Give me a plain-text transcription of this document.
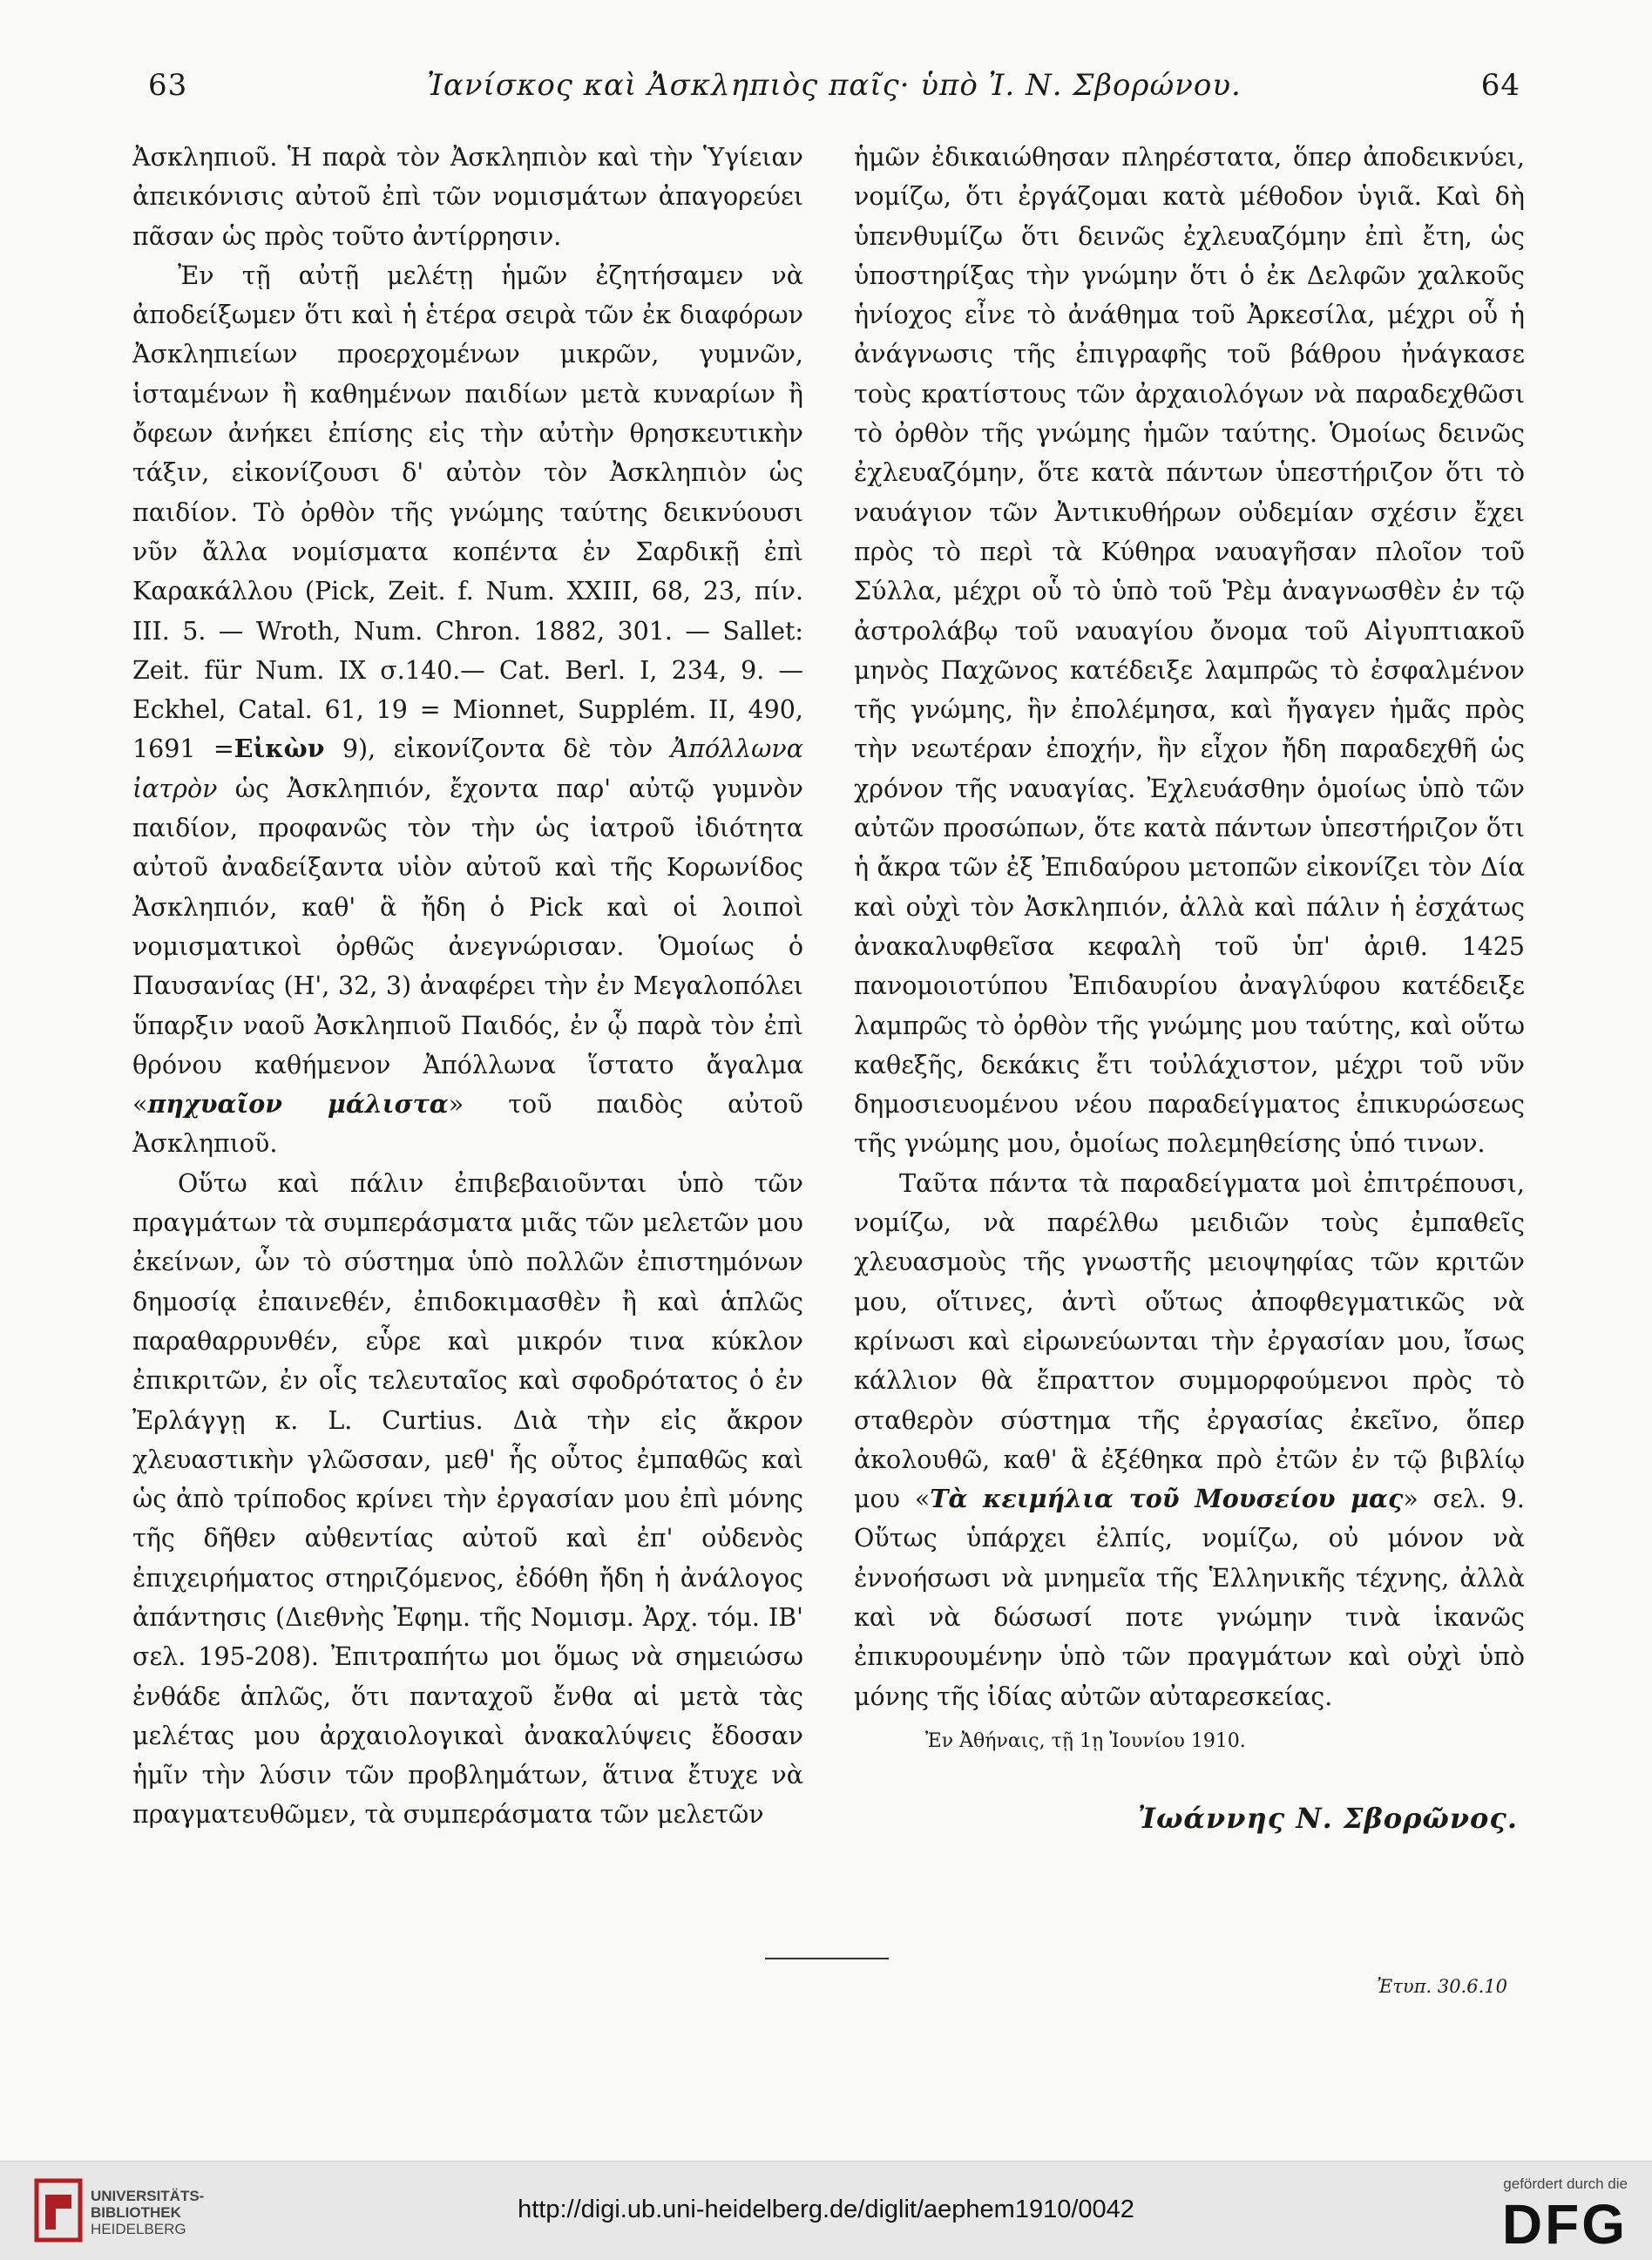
63	Ἰανίσκος καὶ Ἀσκληπιὸς παῖς· ὑπὸ Ἰ. Ν. Σβορώνου.	64

Ἀσκληπιοῦ. Ἡ παρὰ τὸν Ἀσκληπιὸν καὶ τὴν Ὑγίειαν ἀπεικόνισις αὐτοῦ ἐπὶ τῶν νομισμάτων ἀπαγορεύει πᾶσαν ὡς πρὸς τοῦτο ἀντίρρησιν.

Ἐν τῇ αὐτῇ μελέτῃ ἡμῶν ἐζητήσαμεν νὰ ἀποδείξωμεν ὅτι καὶ ἡ ἑτέρα σειρὰ τῶν ἐκ διαφόρων Ἀσκληπιείων προερχομένων μικρῶν, γυμνῶν, ἱσταμένων ἢ καθημένων παιδίων μετὰ κυναρίων ἢ ὄφεων ἀνήκει ἐπίσης εἰς τὴν αὐτὴν θρησκευτικὴν τάξιν, εἰκονίζουσι δ' αὐτὸν τὸν Ἀσκληπιὸν ὡς παιδίον. Τὸ ὀρθὸν τῆς γνώμης ταύτης δεικνύουσι νῦν ἄλλα νομίσματα κοπέντα ἐν Σαρδικῇ ἐπὶ Καρακάλλου (Pick, Zeit. f. Num. XXIII, 68, 23, πίν. III. 5. — Wroth, Num. Chron. 1882, 301. — Sallet: Zeit. für Num. IX σ.140.— Cat. Berl. I, 234, 9. — Eckhel, Catal. 61, 19 = Mionnet, Supplém. II, 490, 1691 =Εἰκὼν 9), εἰκονίζοντα δὲ τὸν Ἀπόλλωνα ἰατρὸν ὡς Ἀσκληπιόν, ἔχοντα παρ' αὐτῷ γυμνὸν παιδίον, προφανῶς τὸν τὴν ὡς ἰατροῦ ἰδιότητα αὐτοῦ ἀναδείξαντα υἱὸν αὐτοῦ καὶ τῆς Κορωνίδος Ἀσκληπιόν, καθ' ἃ ἤδη ὁ Pick καὶ οἱ λοιποὶ νομισματικοὶ ὀρθῶς ἀνεγνώρισαν. Ὁμοίως ὁ Παυσανίας (Η', 32, 3) ἀναφέρει τὴν ἐν Μεγαλοπόλει ὕπαρξιν ναοῦ Ἀσκληπιοῦ Παιδός, ἐν ᾧ παρὰ τὸν ἐπὶ θρόνου καθήμενον Ἀπόλλωνα ἵστατο ἄγαλμα «πηχυαῖον μάλιστα» τοῦ παιδὸς αὐτοῦ Ἀσκληπιοῦ.

Οὕτω καὶ πάλιν ἐπιβεβαιοῦνται ὑπὸ τῶν πραγμάτων τὰ συμπεράσματα μιᾶς τῶν μελετῶν μου ἐκείνων, ὧν τὸ σύστημα ὑπὸ πολλῶν ἐπιστημόνων δημοσίᾳ ἐπαινεθέν, ἐπιδοκιμασθὲν ἢ καὶ ἁπλῶς παραθαρρυνθέν, εὗρε καὶ μικρόν τινα κύκλον ἐπικριτῶν, ἐν οἷς τελευταῖος καὶ σφοδρότατος ὁ ἐν Ἐρλάγγῃ κ. L. Curtius. Διὰ τὴν εἰς ἄκρον χλευαστικὴν γλῶσσαν, μεθ' ἧς οὗτος ἐμπαθῶς καὶ ὡς ἀπὸ τρίποδος κρίνει τὴν ἐργασίαν μου ἐπὶ μόνης τῆς δῆθεν αὐθεντίας αὐτοῦ καὶ ἐπ' οὐδενὸς ἐπιχειρήματος στηριζόμενος, ἐδόθη ἤδη ἡ ἀνάλογος ἀπάντησις (Διεθνὴς Ἐφημ. τῆς Νομισμ. Ἀρχ. τόμ. ΙΒ' σελ. 195-208). Ἐπιτραπήτω μοι ὅμως νὰ σημειώσω ἐνθάδε ἁπλῶς, ὅτι πανταχοῦ ἔνθα αἱ μετὰ τὰς μελέτας μου ἀρχαιολογικαὶ ἀνακαλύψεις ἔδοσαν ἡμῖν τὴν λύσιν τῶν προβλημάτων, ἅτινα ἔτυχε νὰ πραγματευθῶμεν, τὰ συμπεράσματα τῶν μελετῶν

ἡμῶν ἐδικαιώθησαν πληρέστατα, ὅπερ ἀποδεικνύει, νομίζω, ὅτι ἐργάζομαι κατὰ μέθοδον ὑγιᾶ. Καὶ δὴ ὑπενθυμίζω ὅτι δεινῶς ἐχλευαζόμην ἐπὶ ἔτη, ὡς ὑποστηρίξας τὴν γνώμην ὅτι ὁ ἐκ Δελφῶν χαλκοῦς ἡνίοχος εἶνε τὸ ἀνάθημα τοῦ Ἀρκεσίλα, μέχρι οὗ ἡ ἀνάγνωσις τῆς ἐπιγραφῆς τοῦ βάθρου ἠνάγκασε τοὺς κρατίστους τῶν ἀρχαιολόγων νὰ παραδεχθῶσι τὸ ὀρθὸν τῆς γνώμης ἡμῶν ταύτης. Ὁμοίως δεινῶς ἐχλευαζόμην, ὅτε κατὰ πάντων ὑπεστήριζον ὅτι τὸ ναυάγιον τῶν Ἀντικυθήρων οὐδεμίαν σχέσιν ἔχει πρὸς τὸ περὶ τὰ Κύθηρα ναυαγῆσαν πλοῖον τοῦ Σύλλα, μέχρι οὗ τὸ ὑπὸ τοῦ Ῥὲμ ἀναγνωσθὲν ἐν τῷ ἀστρολάβῳ τοῦ ναυαγίου ὄνομα τοῦ Αἰγυπτιακοῦ μηνὸς Παχῶνος κατέδειξε λαμπρῶς τὸ ἐσφαλμένον τῆς γνώμης, ἣν ἐπολέμησα, καὶ ἤγαγεν ἡμᾶς πρὸς τὴν νεωτέραν ἐποχήν, ἣν εἶχον ἤδη παραδεχθῆ ὡς χρόνον τῆς ναυαγίας. Ἐχλευάσθην ὁμοίως ὑπὸ τῶν αὐτῶν προσώπων, ὅτε κατὰ πάντων ὑπεστήριζον ὅτι ἡ ἄκρα τῶν ἐξ Ἐπιδαύρου μετοπῶν εἰκονίζει τὸν Δία καὶ οὐχὶ τὸν Ἀσκληπιόν, ἀλλὰ καὶ πάλιν ἡ ἐσχάτως ἀνακαλυφθεῖσα κεφαλὴ τοῦ ὑπ' ἀριθ. 1425 πανομοιοτύπου Ἐπιδαυρίου ἀναγλύφου κατέδειξε λαμπρῶς τὸ ὀρθὸν τῆς γνώμης μου ταύτης, καὶ οὕτω καθεξῆς, δεκάκις ἔτι τοὐλάχιστον, μέχρι τοῦ νῦν δημοσιευομένου νέου παραδείγματος ἐπικυρώσεως τῆς γνώμης μου, ὁμοίως πολεμηθείσης ὑπό τινων.

Ταῦτα πάντα τὰ παραδείγματα μοὶ ἐπιτρέπουσι, νομίζω, νὰ παρέλθω μειδιῶν τοὺς ἐμπαθεῖς χλευασμοὺς τῆς γνωστῆς μειοψηφίας τῶν κριτῶν μου, οἵτινες, ἀντὶ οὕτως ἀποφθεγματικῶς νὰ κρίνωσι καὶ εἰρωνεύωνται τὴν ἐργασίαν μου, ἴσως κάλλιον θὰ ἔπραττον συμμορφούμενοι πρὸς τὸ σταθερὸν σύστημα τῆς ἐργασίας ἐκεῖνο, ὅπερ ἀκολουθῶ, καθ' ἃ ἐξέθηκα πρὸ ἐτῶν ἐν τῷ βιβλίῳ μου «Τὰ κειμήλια τοῦ Μουσείου μας» σελ. 9. Οὕτως ὑπάρχει ἐλπίς, νομίζω, οὐ μόνον νὰ ἐννοήσωσι νὰ μνημεῖα τῆς Ἑλληνικῆς τέχνης, ἀλλὰ καὶ νὰ δώσωσί ποτε γνώμην τινὰ ἱκανῶς ἐπικυρουμένην ὑπὸ τῶν πραγμάτων καὶ οὐχὶ ὑπὸ μόνης τῆς ἰδίας αὐτῶν αὐταρεσκείας.

Ἐν Ἀθήναις, τῇ 1ῃ Ἰουνίου 1910.
Ἰωάννης Ν. Σβορῶνος.
Ἐτυπ. 30.6.10
UNIVERSITÄTS-
BIBLIOTHEK
HEIDELBERG
http://digi.ub.uni-heidelberg.de/diglit/aephem1910/0042
gefördert durch die
DFG
